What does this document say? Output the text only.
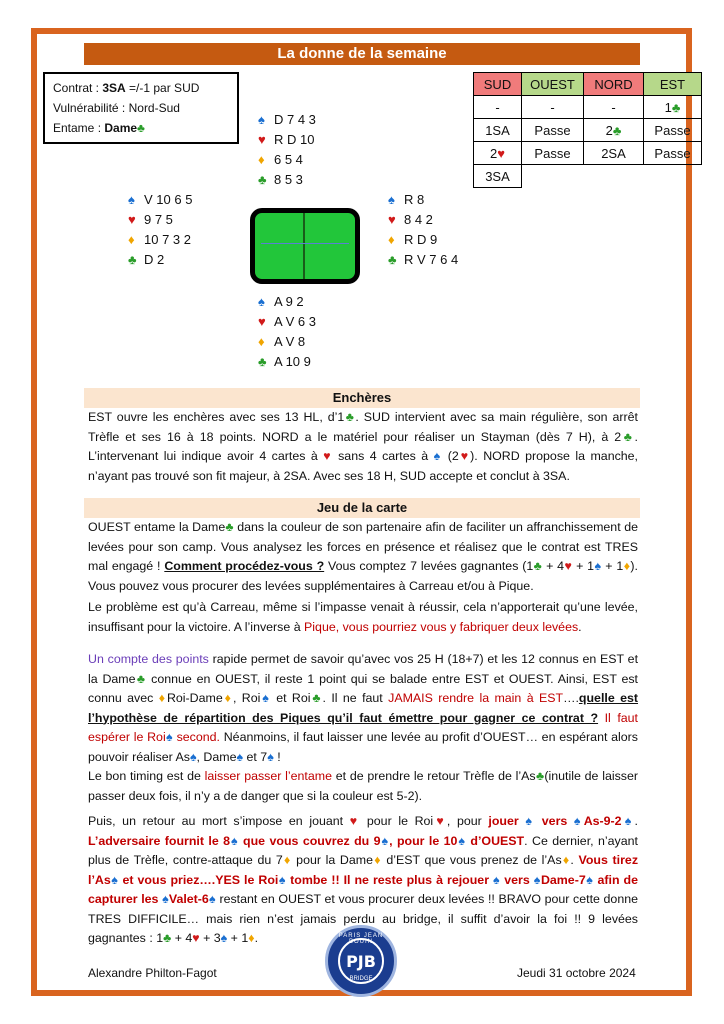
La donne de la semaine
Contrat : 3SA =/-1 par SUD
Vulnérabilité : Nord-Sud
Entame : Dame♣
♠ D 7 4 3
♥ R D 10
♦ 6 5 4
♣ 8 5 3
♠ V 10 6 5
♥ 9 7 5
♦ 10 7 3 2
♣ D 2
♠ R 8
♥ 8 4 2
♦ R D 9
♣ R V 7 6 4
♠ A 9 2
♥ A V 6 3
♦ A V 8
♣ A 10 9
SUD	OUEST	NORD	EST
-	-	-	1♣
1SA	Passe	2♣	Passe
2♥	Passe	2SA	Passe
3SA			
Enchères
EST ouvre les enchères avec ses 13 HL, d’1♣. SUD intervient avec sa main régulière, son arrêt Trèfle et ses 16 à 18 points. NORD a le matériel pour réaliser un Stayman (dès 7 H), à 2♣. L’intervenant lui indique avoir 4 cartes à ♥ sans 4 cartes à ♠ (2♥). NORD propose la manche, n’ayant pas trouvé son fit majeur, à 2SA. Avec ses 18 H, SUD accepte et conclut à 3SA.
Jeu de la carte
OUEST entame la Dame♣ dans la couleur de son partenaire afin de faciliter un affranchissement de levées pour son camp. Vous analysez les forces en présence et réalisez que le contrat est TRES mal engagé ! Comment procédez-vous ? Vous comptez 7 levées gagnantes (1♣ + 4♥ + 1♠ + 1♦). Vous pouvez vous procurer des levées supplémentaires à Carreau et/ou à Pique.
Le problème est qu’à Carreau, même si l’impasse venait à réussir, cela n’apporterait qu’une levée, insuffisant pour la victoire. A l’inverse à Pique, vous pourriez vous y fabriquer deux levées.
Un compte des points rapide permet de savoir qu’avec vos 25 H (18+7) et les 12 connus en EST et la Dame♣ connue en OUEST, il reste 1 point qui se balade entre EST et OUEST. Ainsi, EST est connu avec ♦Roi-Dame♦, Roi♠ et Roi♣. Il ne faut JAMAIS rendre la main à EST….quelle est l’hypothèse de répartition des Piques qu’il faut émettre pour gagner ce contrat ? Il faut espérer le Roi♠ second. Néanmoins, il faut laisser une levée au profit d’OUEST… en espérant alors pouvoir réaliser As♠, Dame♠ et 7♠ !
Le bon timing est de laisser passer l’entame et de prendre le retour Trèfle de l’As♣(inutile de laisser passer deux fois, il n’y a de danger que si la couleur est 5-2).
Puis, un retour au mort s’impose en jouant ♥ pour le Roi♥, pour jouer ♠ vers ♠As-9-2♠. L’adversaire fournit le 8♠ que vous couvrez du 9♠, pour le 10♠ d’OUEST. Ce dernier, n’ayant plus de Trèfle, contre-attaque du 7♦ pour la Dame♦ d’EST que vous prenez de l’As♦. Vous tirez l’As♠ et vous priez….YES le Roi♠ tombe !! Il ne reste plus à rejouer ♠ vers ♠Dame-7♠ afin de capturer les ♠Valet-6♠ restant en OUEST et vous procurer deux levées !! BRAVO pour cette donne TRES DIFFICILE… mais rien n’est jamais perdu au bridge, il suffit d’avoir la foi !! 9 levées gagnantes : 1♣ + 4♥ + 3♠ + 1♦.
Alexandre Philton-Fagot
PARIS JEAN BOUIN
PJB
BRIDGE	Jeudi 31 octobre 2024
